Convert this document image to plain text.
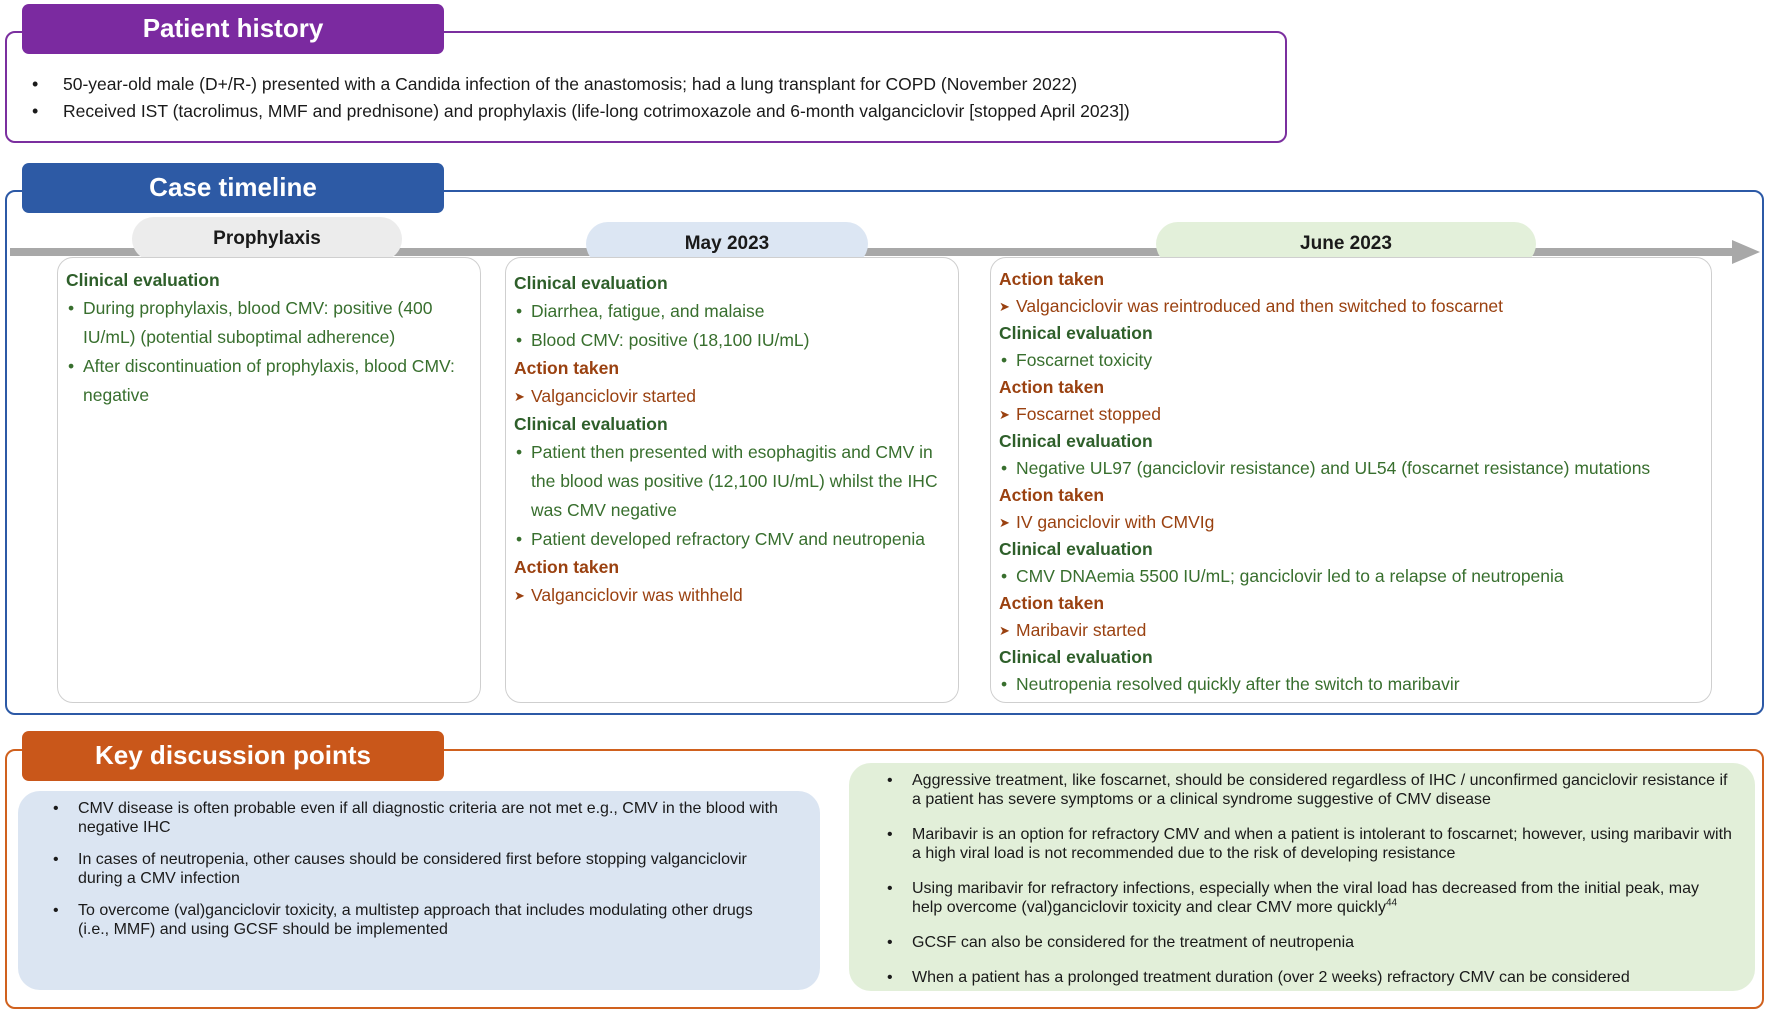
• 50-year-old male (D+/R-) presented with a Candida infection of the anastomosis; had a lung transplant for COPD (November 2022)
• Received IST (tacrolimus, MMF and prednisone) and prophylaxis (life-long cotrimoxazole and 6-month valganciclovir [stopped April 2023])
Patient history
Case timeline
Prophylaxis	May 2023	June 2023
Clinical evaluation
• During prophylaxis, blood CMV: positive (400 IU/mL) (potential suboptimal adherence)
• After discontinuation of prophylaxis, blood CMV: negative
Clinical evaluation
• Diarrhea, fatigue, and malaise
• Blood CMV: positive (18,100 IU/mL)
Action taken
➤ Valganciclovir started
Clinical evaluation
• Patient then presented with esophagitis and CMV in the blood was positive (12,100 IU/mL) whilst the IHC was CMV negative
• Patient developed refractory CMV and neutropenia
Action taken
➤ Valganciclovir was withheld
Action taken
➤ Valganciclovir was reintroduced and then switched to foscarnet
Clinical evaluation
• Foscarnet toxicity
Action taken
➤ Foscarnet stopped
Clinical evaluation
• Negative UL97 (ganciclovir resistance) and UL54 (foscarnet resistance) mutations
Action taken
➤ IV ganciclovir with CMVIg
Clinical evaluation
• CMV DNAemia 5500 IU/mL; ganciclovir led to a relapse of neutropenia
Action taken
➤ Maribavir started
Clinical evaluation
• Neutropenia resolved quickly after the switch to maribavir
• CMV disease is often probable even if all diagnostic criteria are not met e.g., CMV in the blood with negative IHC
• In cases of neutropenia, other causes should be considered first before stopping valganciclovir during a CMV infection
• To overcome (val)ganciclovir toxicity, a multistep approach that includes modulating other drugs (i.e., MMF) and using GCSF should be implemented
• Aggressive treatment, like foscarnet, should be considered regardless of IHC / unconfirmed ganciclovir resistance if a patient has severe symptoms or a clinical syndrome suggestive of CMV disease
• Maribavir is an option for refractory CMV and when a patient is intolerant to foscarnet; however, using maribavir with a high viral load is not recommended due to the risk of developing resistance
• Using maribavir for refractory infections, especially when the viral load has decreased from the initial peak, may help overcome (val)ganciclovir toxicity and clear CMV more quickly$^{44}$
• GCSF can also be considered for the treatment of neutropenia
• When a patient has a prolonged treatment duration (over 2 weeks) refractory CMV can be considered
Key discussion points
